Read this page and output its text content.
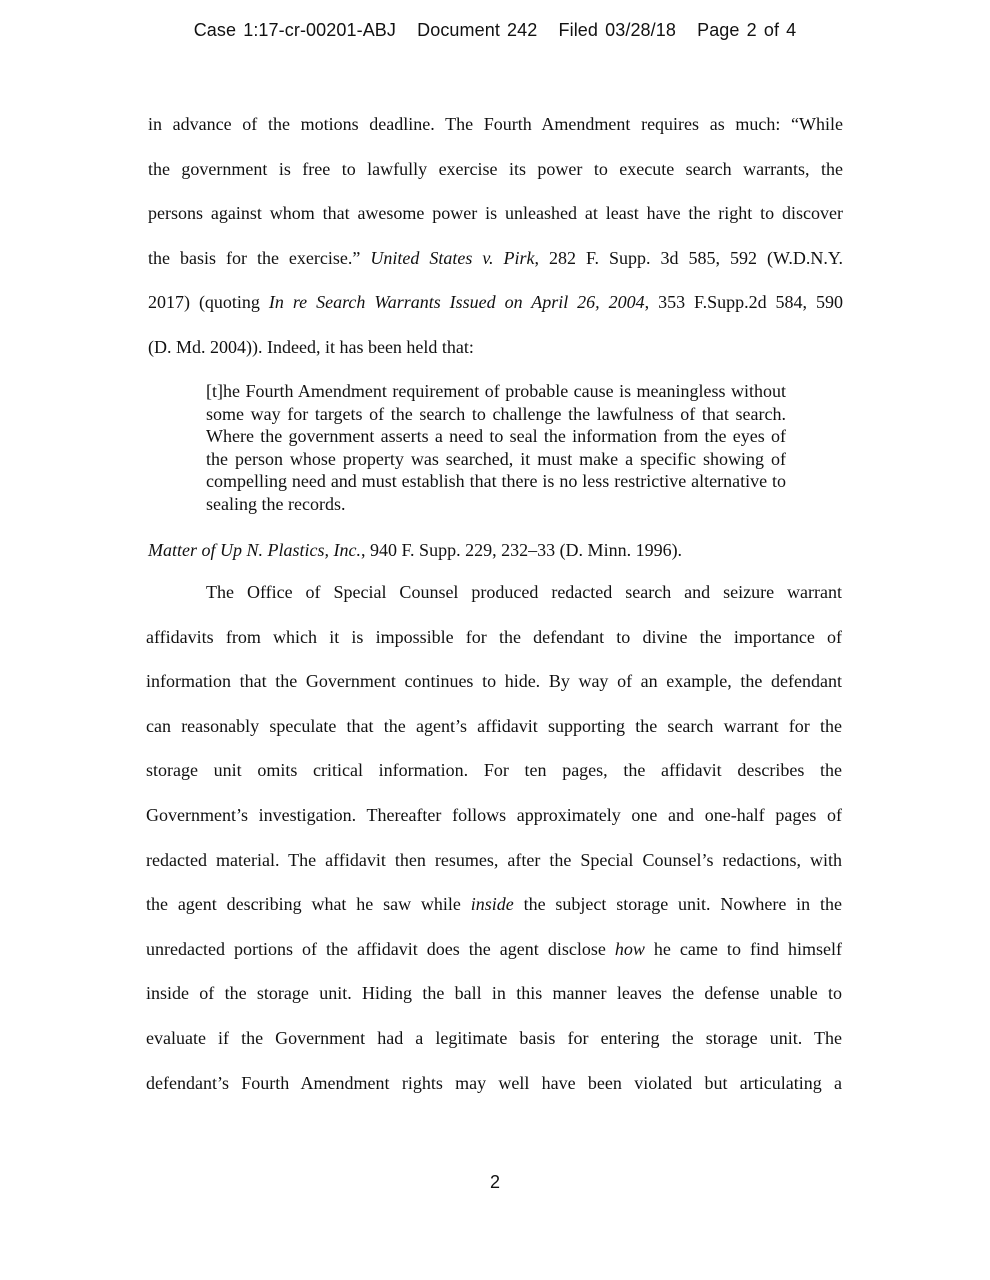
Case 1:17-cr-00201-ABJ Document 242 Filed 03/28/18 Page 2 of 4

in advance of the motions deadline. The Fourth Amendment requires as much: “While

the government is free to lawfully exercise its power to execute search warrants, the

persons against whom that awesome power is unleashed at least have the right to discover

the basis for the exercise.” United States v. Pirk, 282 F. Supp. 3d 585, 592 (W.D.N.Y.

2017) (quoting In re Search Warrants Issued on April 26, 2004, 353 F.Supp.2d 584, 590

(D. Md. 2004)). Indeed, it has been held that:

[t]he Fourth Amendment requirement of probable cause is meaningless without some way for targets of the search to challenge the lawfulness of that search. Where the government asserts a need to seal the information from the eyes of the person whose property was searched, it must make a specific showing of compelling need and must establish that there is no less restrictive alternative to sealing the records.

Matter of Up N. Plastics, Inc., 940 F. Supp. 229, 232–33 (D. Minn. 1996).

The Office of Special Counsel produced redacted search and seizure warrant

affidavits from which it is impossible for the defendant to divine the importance of

information that the Government continues to hide. By way of an example, the defendant

can reasonably speculate that the agent’s affidavit supporting the search warrant for the

storage unit omits critical information. For ten pages, the affidavit describes the

Government’s investigation. Thereafter follows approximately one and one-half pages of

redacted material. The affidavit then resumes, after the Special Counsel’s redactions, with

the agent describing what he saw while inside the subject storage unit. Nowhere in the

unredacted portions of the affidavit does the agent disclose how he came to find himself

inside of the storage unit. Hiding the ball in this manner leaves the defense unable to

evaluate if the Government had a legitimate basis for entering the storage unit. The

defendant’s Fourth Amendment rights may well have been violated but articulating a

2
